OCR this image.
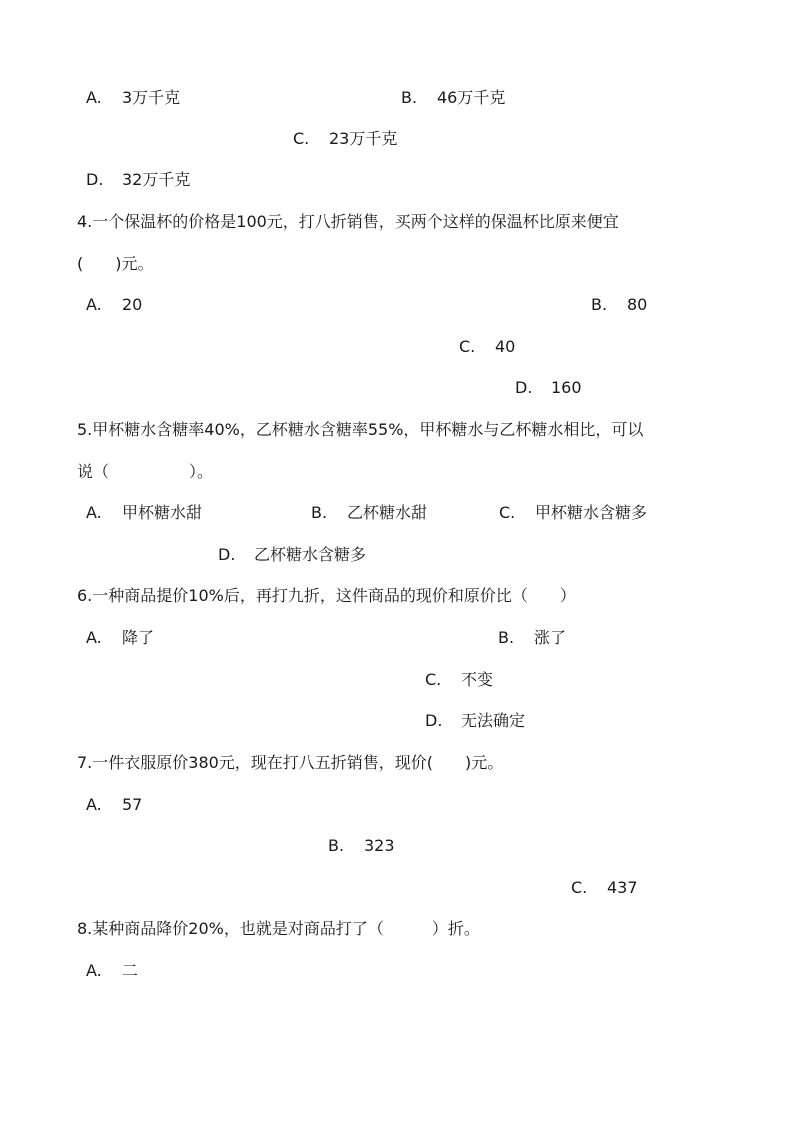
A. 3万千克	B. 46万千克
C. 23万千克
D. 32万千克
4.一个保温杯的价格是100元，打八折销售，买两个这样的保温杯比原来便宜
(　　)元。
A. 20	B. 80
C. 40
D. 160
5.甲杯糖水含糖率40%，乙杯糖水含糖率55%，甲杯糖水与乙杯糖水相比，可以
说（　　　　　）。
A. 甲杯糖水甜	B. 乙杯糖水甜	C. 甲杯糖水含糖多
D. 乙杯糖水含糖多
6.一种商品提价10%后，再打九折，这件商品的现价和原价比（　　）
A. 降了	B. 涨了
C. 不变
D. 无法确定
7.一件衣服原价380元，现在打八五折销售，现价(　　)元。
A. 57
B. 323
C. 437
8.某种商品降价20%，也就是对商品打了（　　　）折。
A. 二
